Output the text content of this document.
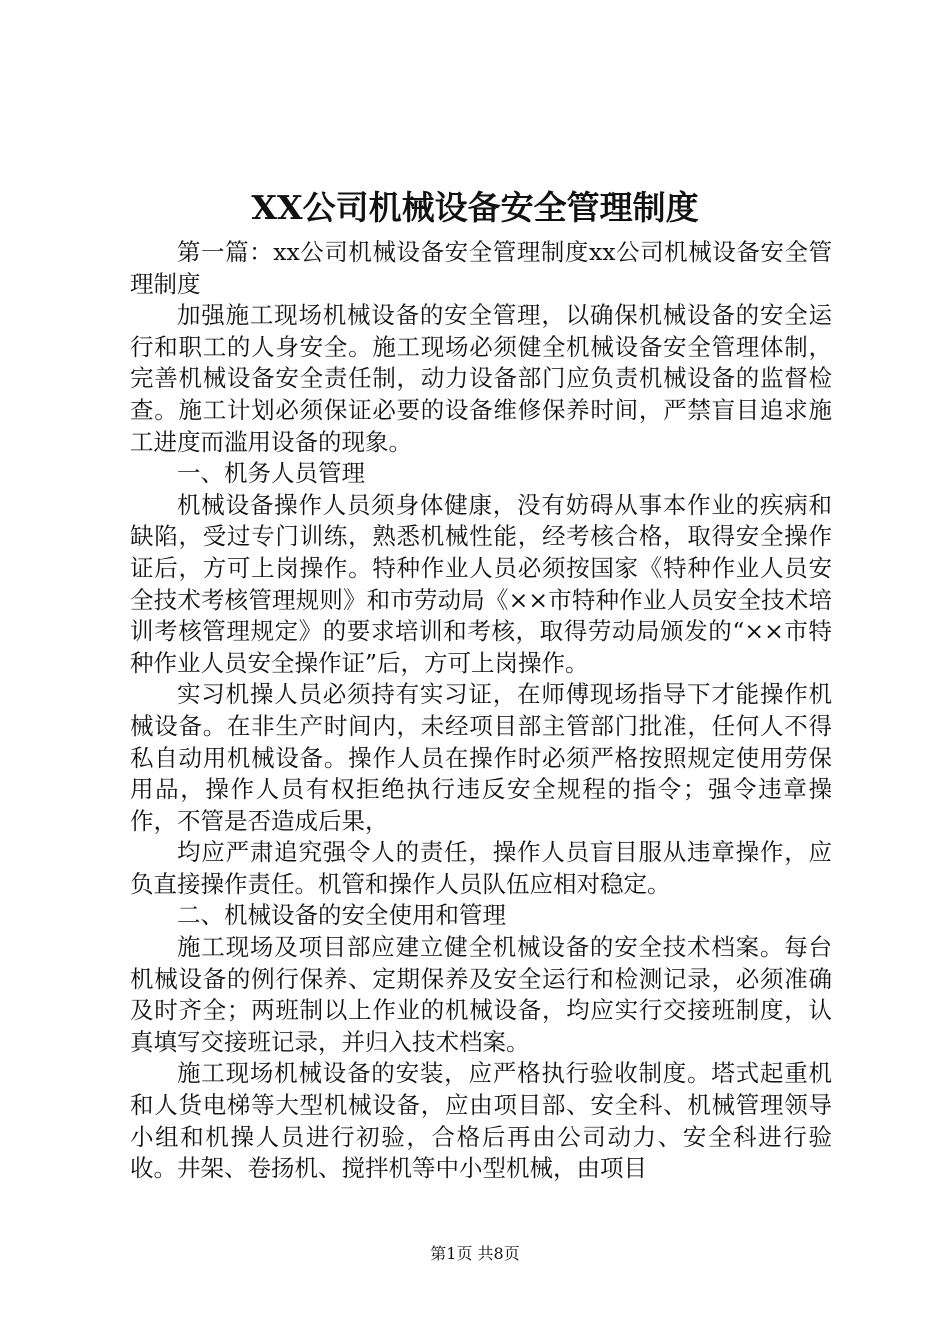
XX公司机械设备安全管理制度

第一篇：xx公司机械设备安全管理制度xx公司机械设备安全管理制度

加强施工现场机械设备的安全管理，以确保机械设备的安全运行和职工的人身安全。施工现场必须健全机械设备安全管理体制，完善机械设备安全责任制，动力设备部门应负责机械设备的监督检查。施工计划必须保证必要的设备维修保养时间，严禁盲目追求施工进度而滥用设备的现象。

一、机务人员管理

机械设备操作人员须身体健康，没有妨碍从事本作业的疾病和缺陷，受过专门训练，熟悉机械性能，经考核合格，取得安全操作证后，方可上岗操作。特种作业人员必须按国家《特种作业人员安全技术考核管理规则》和市劳动局《××市特种作业人员安全技术培训考核管理规定》的要求培训和考核，取得劳动局颁发的“××市特种作业人员安全操作证”后，方可上岗操作。

实习机操人员必须持有实习证，在师傅现场指导下才能操作机械设备。在非生产时间内，未经项目部主管部门批准，任何人不得私自动用机械设备。操作人员在操作时必须严格按照规定使用劳保用品，操作人员有权拒绝执行违反安全规程的指令；强令违章操作，不管是否造成后果，

均应严肃追究强令人的责任，操作人员盲目服从违章操作，应负直接操作责任。机管和操作人员队伍应相对稳定。

二、机械设备的安全使用和管理

施工现场及项目部应建立健全机械设备的安全技术档案。每台机械设备的例行保养、定期保养及安全运行和检测记录，必须准确及时齐全；两班制以上作业的机械设备，均应实行交接班制度，认真填写交接班记录，并归入技术档案。

施工现场机械设备的安装，应严格执行验收制度。塔式起重机和人货电梯等大型机械设备，应由项目部、安全科、机械管理领导小组和机操人员进行初验，合格后再由公司动力、安全科进行验收。井架、卷扬机、搅拌机等中小型机械，由项目

第1页 共8页
